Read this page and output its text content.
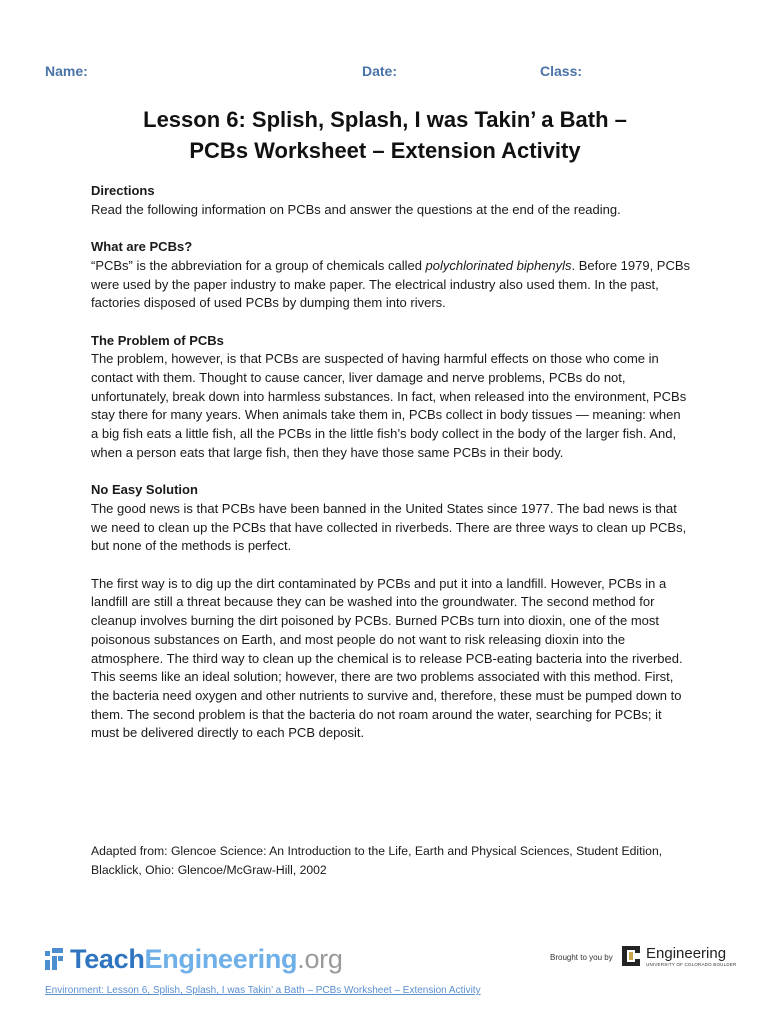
Name:	Date:	Class:
Lesson 6: Splish, Splash, I was Takin’ a Bath –
PCBs Worksheet – Extension Activity
Directions

Read the following information on PCBs and answer the questions at the end of the reading.

What are PCBs?

“PCBs” is the abbreviation for a group of chemicals called polychlorinated biphenyls. Before 1979, PCBs were used by the paper industry to make paper. The electrical industry also used them. In the past, factories disposed of used PCBs by dumping them into rivers.

The Problem of PCBs

The problem, however, is that PCBs are suspected of having harmful effects on those who come in contact with them. Thought to cause cancer, liver damage and nerve problems, PCBs do not, unfortunately, break down into harmless substances. In fact, when released into the environment, PCBs stay there for many years. When animals take them in, PCBs collect in body tissues — meaning: when a big fish eats a little fish, all the PCBs in the little fish’s body collect in the body of the larger fish. And, when a person eats that large fish, then they have those same PCBs in their body.

No Easy Solution

The good news is that PCBs have been banned in the United States since 1977. The bad news is that we need to clean up the PCBs that have collected in riverbeds. There are three ways to clean up PCBs, but none of the methods is perfect.

The first way is to dig up the dirt contaminated by PCBs and put it into a landfill. However, PCBs in a landfill are still a threat because they can be washed into the groundwater. The second method for cleanup involves burning the dirt poisoned by PCBs. Burned PCBs turn into dioxin, one of the most poisonous substances on Earth, and most people do not want to risk releasing dioxin into the atmosphere. The third way to clean up the chemical is to release PCB-eating bacteria into the riverbed. This seems like an ideal solution; however, there are two problems associated with this method. First, the bacteria need oxygen and other nutrients to survive and, therefore, these must be pumped down to them. The second problem is that the bacteria do not roam around the water, searching for PCBs; it must be delivered directly to each PCB deposit.

Adapted from: Glencoe Science: An Introduction to the Life, Earth and Physical Sciences, Student Edition, Blacklick, Ohio: Glencoe/McGraw-Hill, 2002
TeachEngineering.org	Brought to you by Engineering
UNIVERSITY OF COLORADO BOULDER
Environment: Lesson 6, Splish, Splash, I was Takin’ a Bath – PCBs Worksheet – Extension Activity
